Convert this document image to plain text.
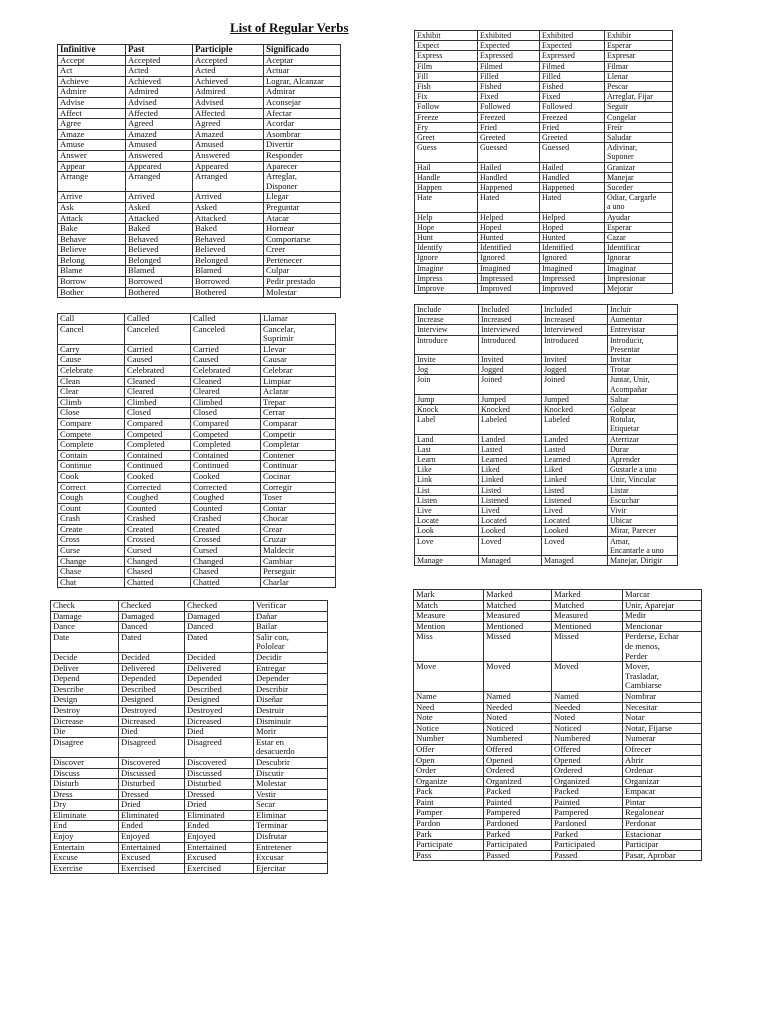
List of Regular Verbs
Infinitive	Past	Participle	Significado
Accept	Accepted	Accepted	Aceptar
Act	Acted	Acted	Actuar
Achieve	Achieved	Achieved	Lograr, Alcanzar
Admire	Admired	Admired	Admirar
Advise	Advised	Advised	Aconsejar
Affect	Affected	Affected	Afectar
Agree	Agreed	Agreed	Acordar
Amaze	Amazed	Amazed	Asombrar
Amuse	Amused	Amused	Divertir
Answer	Answered	Answered	Responder
Appear	Appeared	Appeared	Aparecer
Arrange	Arranged	Arranged	Arreglar,
Disponer
Arrive	Arrived	Arrived	Llegar
Ask	Asked	Asked	Preguntar
Attack	Attacked	Attacked	Atacar
Bake	Baked	Baked	Hornear
Behave	Behaved	Behaved	Comportarse
Believe	Believed	Believed	Creer
Belong	Belonged	Belonged	Pertenecer
Blame	Blamed	Blamed	Culpar
Borrow	Borrowed	Borrowed	Pedir prestado
Bother	Bothered	Bothered	Molestar
Call	Called	Called	Llamar
Cancel	Canceled	Canceled	Cancelar,
Suprimir
Carry	Carried	Carried	Llevar
Cause	Caused	Caused	Causar
Celebrate	Celebrated	Celebrated	Celebrar
Clean	Cleaned	Cleaned	Limpiar
Clear	Cleared	Cleared	Aclarar
Climb	Climbed	Climbed	Trepar
Close	Closed	Closed	Cerrar
Compare	Compared	Compared	Comparar
Compete	Competed	Competed	Competir
Complete	Completed	Completed	Completar
Contain	Contained	Contained	Contener
Continue	Continued	Continued	Continuar
Cook	Cooked	Cooked	Cocinar
Correct	Corrected	Corrected	Corregir
Cough	Coughed	Coughed	Toser
Count	Counted	Counted	Contar
Crash	Crashed	Crashed	Chocar
Create	Created	Created	Crear
Cross	Crossed	Crossed	Cruzar
Curse	Cursed	Cursed	Maldecir
Change	Changed	Changed	Cambiar
Chase	Chased	Chased	Perseguir
Chat	Chatted	Chatted	Charlar
Check	Checked	Checked	Verificar
Damage	Damaged	Damaged	Dañar
Dance	Danced	Danced	Bailar
Date	Dated	Dated	Salir con,
Pololear
Decide	Decided	Decided	Decidir
Deliver	Delivered	Delivered	Entregar
Depend	Depended	Depended	Depender
Describe	Described	Described	Describir
Design	Designed	Designed	Diseñar
Destroy	Destroyed	Destroyed	Destruir
Dicrease	Dicreased	Dicreased	Disminuir
Die	Died	Died	Morir
Disagree	Disagreed	Disagreed	Estar en
desacuerdo
Discover	Discovered	Discovered	Descubrir
Discuss	Discussed	Discussed	Discutir
Disturb	Disturbed	Disturbed	Molestar
Dress	Dressed	Dressed	Vestir
Dry	Dried	Dried	Secar
Eliminate	Eliminated	Eliminated	Eliminar
End	Ended	Ended	Terminar
Enjoy	Enjoyed	Enjoyed	Disfrutar
Entertain	Entertained	Entertained	Entretener
Excuse	Excused	Excused	Excusar
Exercise	Exercised	Exercised	Ejercitar
Exhibit	Exhibited	Exhibited	Exhibir
Expect	Expected	Expected	Esperar
Express	Expressed	Expressed	Expresar
Film	Filmed	Filmed	Filmar
Fill	Filled	Filled	Llenar
Fish	Fished	Fished	Pescar
Fix	Fixed	Fixed	Arreglar, Fijar
Follow	Followed	Followed	Seguir
Freeze	Freezed	Freezed	Congelar
Fry	Fried	Fried	Freír
Greet	Greeted	Greeted	Saludar
Guess	Guessed	Guessed	Adivinar,
Suponer
Hail	Hailed	Hailed	Granizar
Handle	Handled	Handled	Manejar
Happen	Happened	Happened	Suceder
Hate	Hated	Hated	Odiar, Cargarle
a uno
Help	Helped	Helped	Ayudar
Hope	Hoped	Hoped	Esperar
Hunt	Hunted	Hunted	Cazar
Identify	Identified	Identified	Identificar
Ignore	Ignored	Ignored	Ignorar
Imagine	Imagined	Imagined	Imaginar
Impress	Impressed	Impressed	Impresionar
Improve	Improved	Improved	Mejorar
Include	Included	Included	Incluir
Increase	Increased	Increased	Aumentar
Interview	Interviewed	Interviewed	Entrevistar
Introduce	Introduced	Introduced	Introducir,
Presentar
Invite	Invited	Invited	Invitar
Jog	Jogged	Jogged	Trotar
Join	Joined	Joined	Juntar, Unir,
Acompañar
Jump	Jumped	Jumped	Saltar
Knock	Knocked	Knocked	Golpear
Label	Labeled	Labeled	Rotular,
Etiquetar
Land	Landed	Landed	Aterrizar
Last	Lasted	Lasted	Durar
Learn	Learned	Learned	Aprender
Like	Liked	Liked	Gustarle a uno
Link	Linked	Linked	Unir, Vincular
List	Listed	Listed	Listar
Listen	Listened	Listened	Escuchar
Live	Lived	Lived	Vivir
Locate	Located	Located	Ubicar
Look	Looked	Looked	Mirar, Parecer
Love	Loved	Loved	Amar,
Encantarle a uno
Manage	Managed	Managed	Manejar, Dirigir
Mark	Marked	Marked	Marcar
Match	Matched	Matched	Unir, Aparejar
Measure	Measured	Measured	Medir
Mention	Mentioned	Mentioned	Mencionar
Miss	Missed	Missed	Perderse, Echar
de menos,
Perder
Move	Moved	Moved	Mover,
Trasladar,
Cambiarse
Name	Named	Named	Nombrar
Need	Needed	Needed	Necesitar
Note	Noted	Noted	Notar
Notice	Noticed	Noticed	Notar, Fijarse
Number	Numbered	Numbered	Numerar
Offer	Offered	Offered	Ofrecer
Open	Opened	Opened	Abrir
Order	Ordered	Ordered	Ordenar
Organize	Organized	Organized	Organizar
Pack	Packed	Packed	Empacar
Paint	Painted	Painted	Pintar
Pamper	Pampered	Pampered	Regalonear
Pardon	Pardoned	Pardoned	Perdonar
Park	Parked	Parked	Estacionar
Participate	Participated	Participated	Participar
Pass	Passed	Passed	Pasar, Aprobar
